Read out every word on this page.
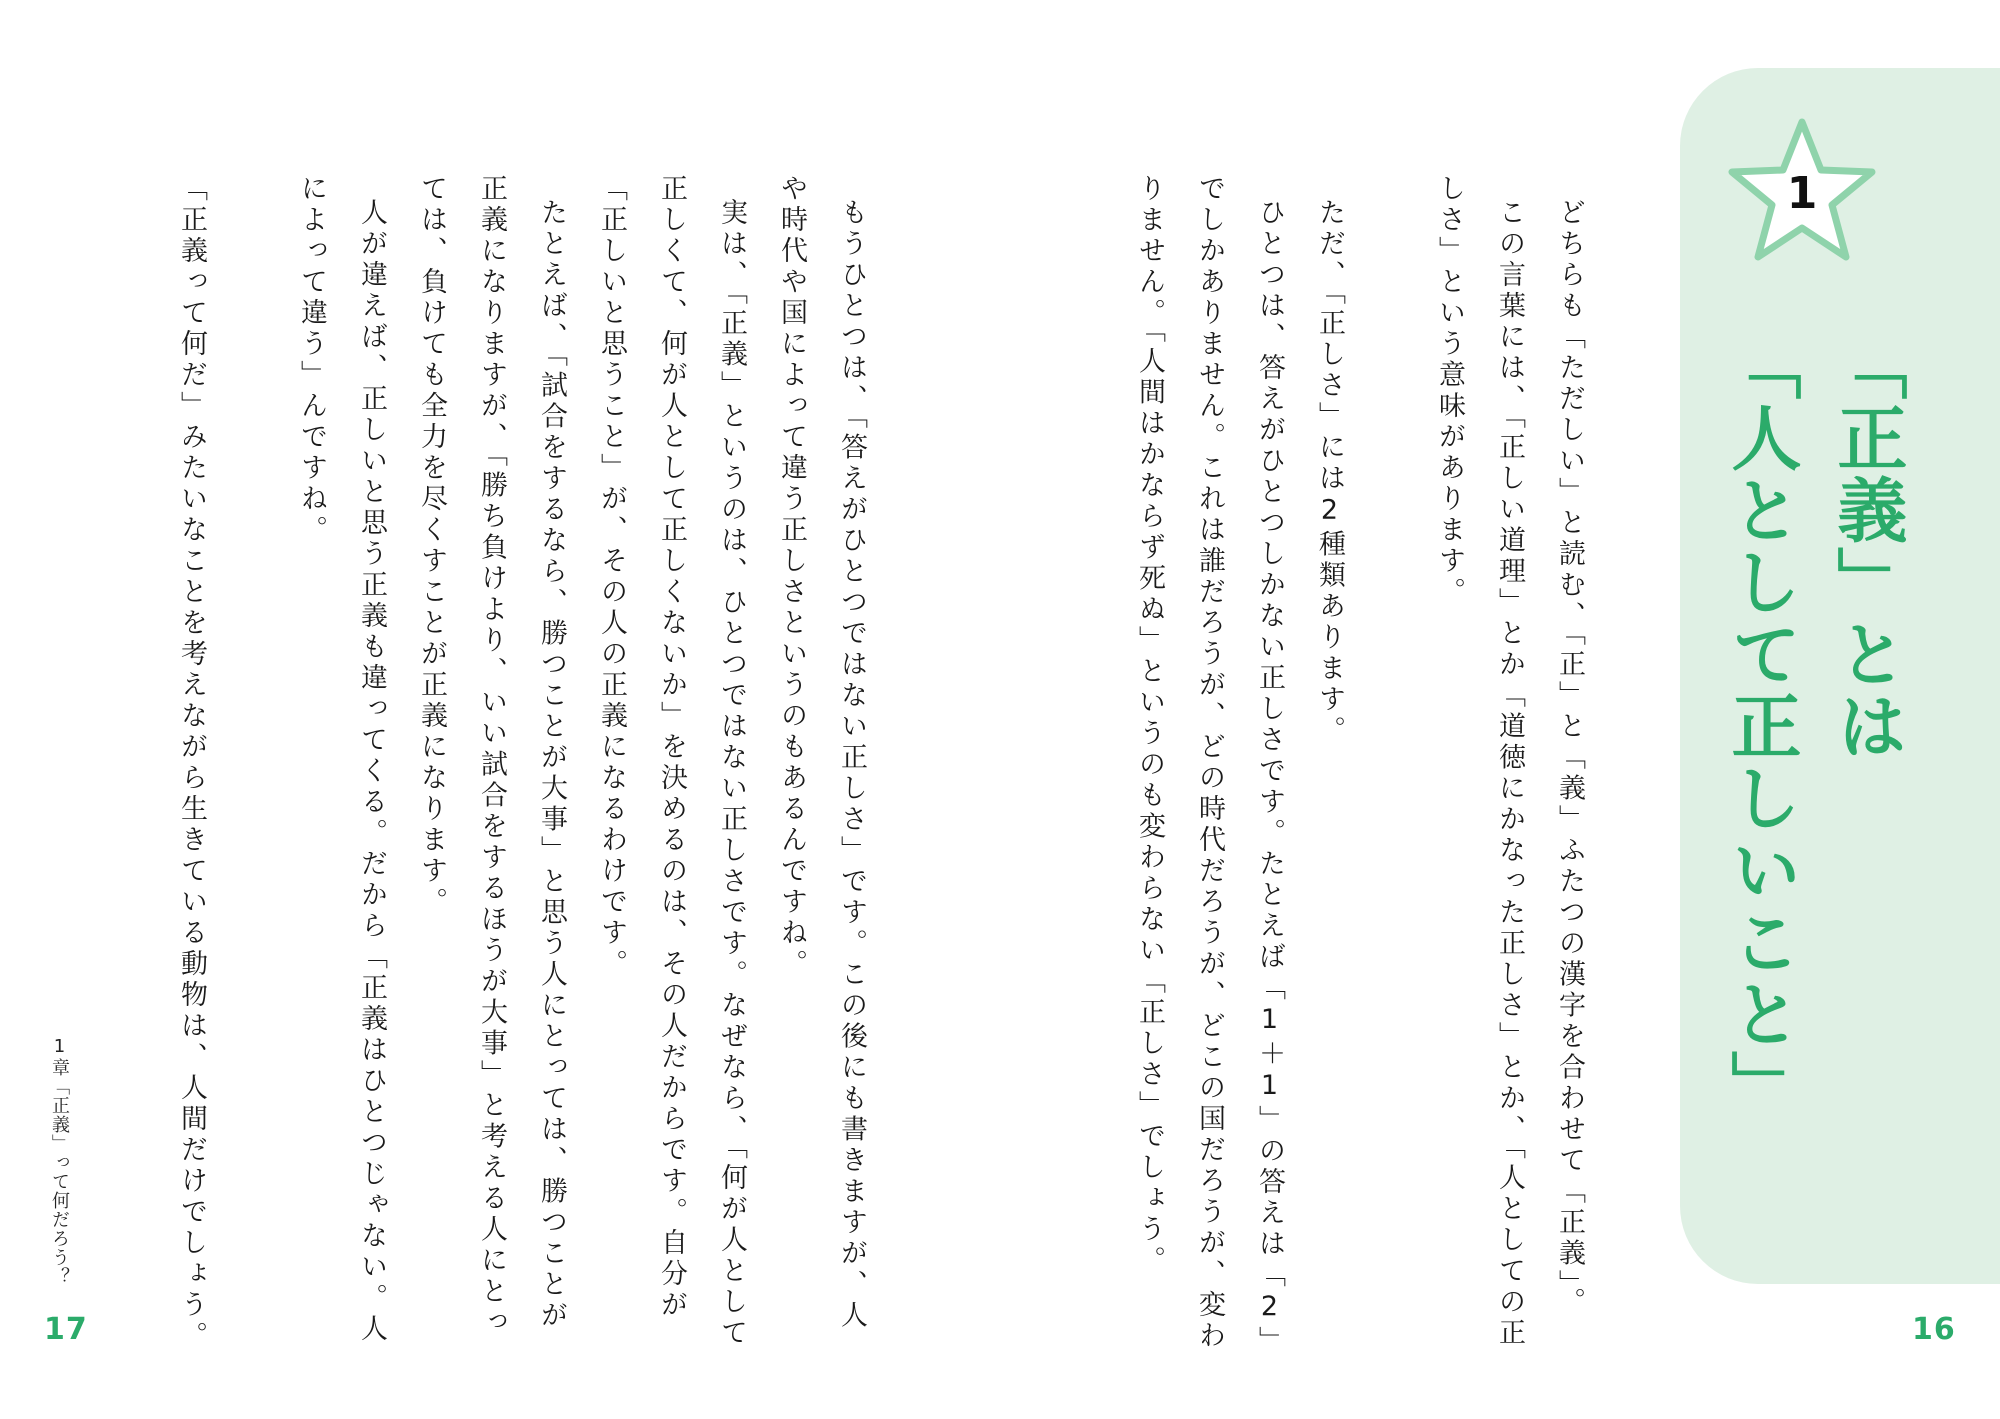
1
「正義」とは
「人として正しいこと」
どちらも「ただしい」と読む、「正」と「義」ふたつの漢字を合わせて「正義」。
この言葉には、「正しい道理」とか「道徳にかなった正しさ」とか、「人としての正
しさ」という意味があります。
ただ、「正しさ」には2種類あります。
ひとつは、答えがひとつしかない正しさです。たとえば「1＋1」の答えは「2」
でしかありません。これは誰だろうが、どの時代だろうが、どこの国だろうが、変わ
りません。「人間はかならず死ぬ」というのも変わらない「正しさ」でしょう。
もうひとつは、「答えがひとつではない正しさ」です。この後にも書きますが、人
や時代や国によって違う正しさというのもあるんですね。
実は、「正義」というのは、ひとつではない正しさです。なぜなら、「何が人として
正しくて、何が人として正しくないか」を決めるのは、その人だからです。自分が
「正しいと思うこと」が、その人の正義になるわけです。
たとえば、「試合をするなら、勝つことが大事」と思う人にとっては、勝つことが
正義になりますが、「勝ち負けより、いい試合をするほうが大事」と考える人にとっ
ては、負けても全力を尽くすことが正義になります。
人が違えば、正しいと思う正義も違ってくる。だから「正義はひとつじゃない。人
によって違う」んですね。
「正義って何だ」みたいなことを考えながら生きている動物は、人間だけでしょう。
1章「正義」って何だろう？
17	16
